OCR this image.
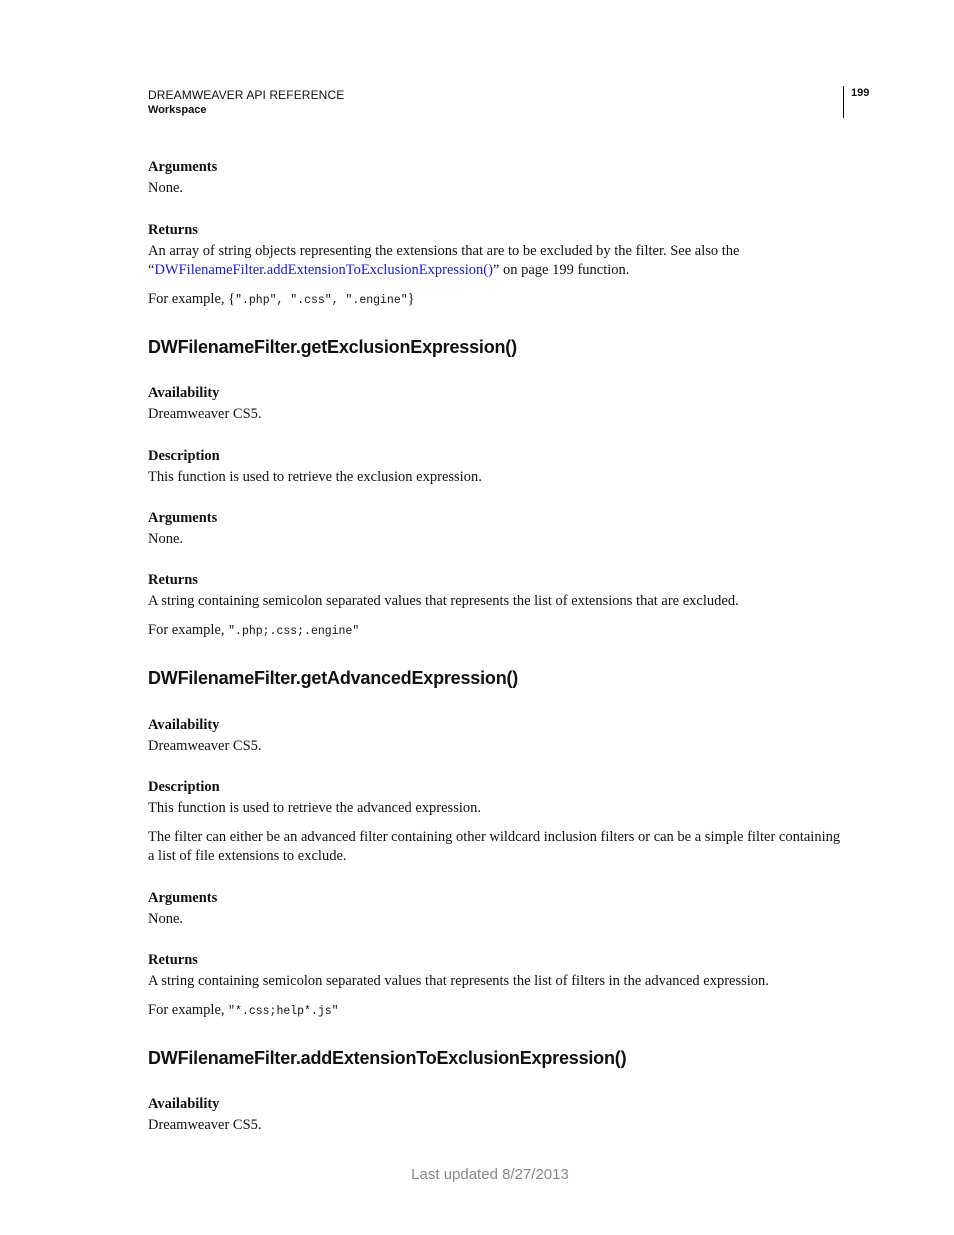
DREAMWEAVER API REFERENCE
Workspace
199
Arguments
None.
Returns
An array of string objects representing the extensions that are to be excluded by the filter. See also the
“DWFilenameFilter.addExtensionToExclusionExpression()” on page 199 function.
For example, {".php", ".css", ".engine"}
DWFilenameFilter.getExclusionExpression()
Availability
Dreamweaver CS5.
Description
This function is used to retrieve the exclusion expression.
Arguments
None.
Returns
A string containing semicolon separated values that represents the list of extensions that are excluded.
For example, ".php;.css;.engine"
DWFilenameFilter.getAdvancedExpression()
Availability
Dreamweaver CS5.
Description
This function is used to retrieve the advanced expression.
The filter can either be an advanced filter containing other wildcard inclusion filters or can be a simple filter containing
a list of file extensions to exclude.
Arguments
None.
Returns
A string containing semicolon separated values that represents the list of filters in the advanced expression.
For example, "*.css;help*.js"
DWFilenameFilter.addExtensionToExclusionExpression()
Availability
Dreamweaver CS5.
Last updated 8/27/2013
